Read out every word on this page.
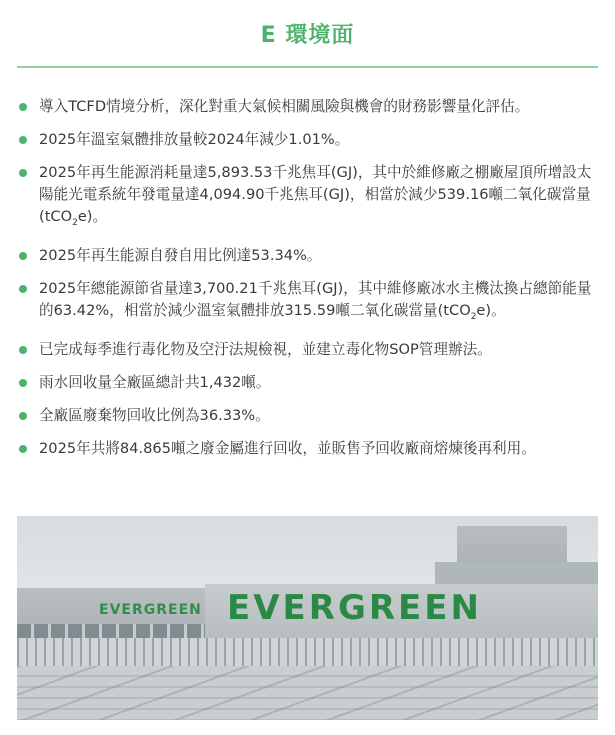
E 環境面
導入TCFD情境分析，深化對重大氣候相關風險與機會的財務影響量化評估。
2025年溫室氣體排放量較2024年減少1.01%。
2025年再生能源消耗量達5,893.53千兆焦耳(GJ)，其中於維修廠之棚廠屋頂所增設太陽能光電系統年發電量達4,094.90千兆焦耳(GJ)，相當於減少539.16噸二氧化碳當量(tCO$_2$e)。
2025年再生能源自發自用比例達53.34%。
2025年總能源節省量達3,700.21千兆焦耳(GJ)，其中維修廠冰水主機汰換占總節能量的63.42%，相當於減少溫室氣體排放315.59噸二氧化碳當量(tCO$_2$e)。
已完成每季進行毒化物及空汙法規檢視，並建立毒化物SOP管理辦法。
雨水回收量全廠區總計共1,432噸。
全廠區廢棄物回收比例為36.33%。
2025年共將84.865噸之廢金屬進行回收，並販售予回收廠商熔煉後再利用。
EVERGREEN EVERGREEN
